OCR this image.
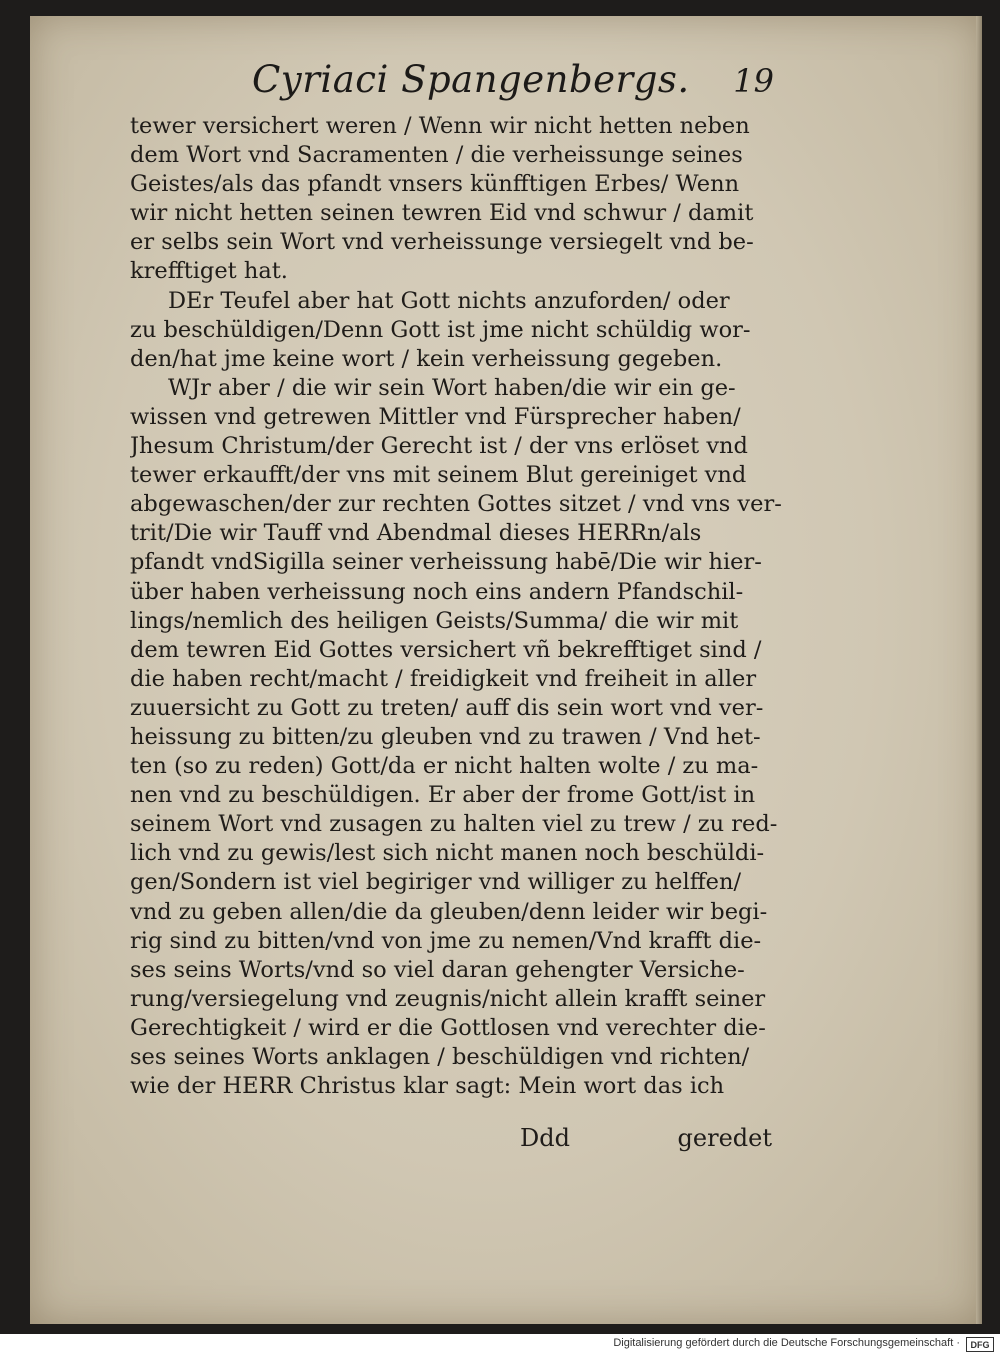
Cyriaci Spangenbergs. 19
tewer versichert weren / Wenn wir nicht hetten neben
dem Wort vnd Sacramenten / die verheissunge seines
Geistes/als das pfandt vnsers künfftigen Erbes/ Wenn
wir nicht hetten seinen tewren Eid vnd schwur / damit
er selbs sein Wort vnd verheissunge versiegelt vnd be-
krefftiget hat.
DEr Teufel aber hat Gott nichts anzuforden/ oder
zu beschüldigen/Denn Gott ist jme nicht schüldig wor-
den/hat jme keine wort / kein verheissung gegeben.
WJr aber / die wir sein Wort haben/die wir ein ge-
wissen vnd getrewen Mittler vnd Fürsprecher haben/
Jhesum Christum/der Gerecht ist / der vns erlöset vnd
tewer erkaufft/der vns mit seinem Blut gereiniget vnd
abgewaschen/der zur rechten Gottes sitzet / vnd vns ver-
trit/Die wir Tauff vnd Abendmal dieses HERRn/als
pfandt vndSigilla seiner verheissung habē/Die wir hier-
über haben verheissung noch eins andern Pfandschil-
lings/nemlich des heiligen Geists/Summa/ die wir mit
dem tewren Eid Gottes versichert vñ bekrefftiget sind /
die haben recht/macht / freidigkeit vnd freiheit in aller
zuuersicht zu Gott zu treten/ auff dis sein wort vnd ver-
heissung zu bitten/zu gleuben vnd zu trawen / Vnd het-
ten (so zu reden) Gott/da er nicht halten wolte / zu ma-
nen vnd zu beschüldigen. Er aber der frome Gott/ist in
seinem Wort vnd zusagen zu halten viel zu trew / zu red-
lich vnd zu gewis/lest sich nicht manen noch beschüldi-
gen/Sondern ist viel begiriger vnd williger zu helffen/
vnd zu geben allen/die da gleuben/denn leider wir begi-
rig sind zu bitten/vnd von jme zu nemen/Vnd krafft die-
ses seins Worts/vnd so viel daran gehengter Versiche-
rung/versiegelung vnd zeugnis/nicht allein krafft seiner
Gerechtigkeit / wird er die Gottlosen vnd verechter die-
ses seines Worts anklagen / beschüldigen vnd richten/
wie der HERR Christus klar sagt: Mein wort das ich
Ddd	geredet
Digitalisierung gefördert durch die Deutsche Forschungsgemeinschaft ·	DFG
